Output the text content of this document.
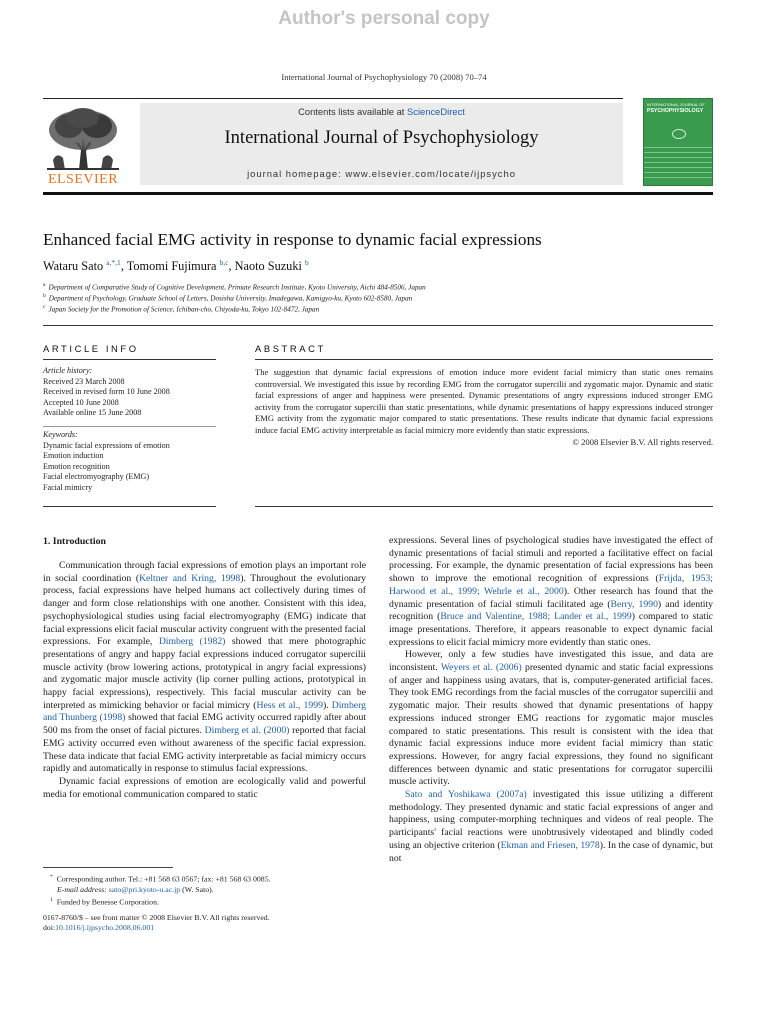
Author's personal copy
International Journal of Psychophysiology 70 (2008) 70–74
ELSEVIER
Contents lists available at ScienceDirect
International Journal of Psychophysiology
journal homepage: www.elsevier.com/locate/ijpsycho
INTERNATIONAL JOURNAL OF
PSYCHOPHYSIOLOGY
Enhanced facial EMG activity in response to dynamic facial expressions
Wataru Sato $^{a,*,1}$, Tomomi Fujimura $^{b,c}$, Naoto Suzuki $^b$
$^a$ Department of Comparative Study of Cognitive Development, Primate Research Institute, Kyoto University, Aichi 484-8506, Japan
$^b$ Department of Psychology, Graduate School of Letters, Dosisha University, Imadegawa, Kamigyo-ku, Kyoto 602-8580, Japan
$^c$ Japan Society for the Promotion of Science, Ichiban-cho, Chiyoda-ku, Tokyo 102-8472, Japan
ARTICLE INFO	ABSTRACT
Article history:
Received 23 March 2008
Received in revised form 10 June 2008
Accepted 10 June 2008
Available online 15 June 2008
Keywords:
Dynamic facial expressions of emotion
Emotion induction
Emotion recognition
Facial electromyography (EMG)
Facial mimicry
The suggestion that dynamic facial expressions of emotion induce more evident facial mimicry than static ones remains controversial. We investigated this issue by recording EMG from the corrugator supercilii and zygomatic major. Dynamic and static facial expressions of anger and happiness were presented. Dynamic presentations of angry expressions induced stronger EMG activity from the corrugator supercilii than static presentations, while dynamic presentations of happy expressions induced stronger EMG activity from the zygomatic major compared to static presentations. These results indicate that dynamic facial expressions induce facial EMG activity interpretable as facial mimicry more evidently than static expressions.
© 2008 Elsevier B.V. All rights reserved.
1. Introduction

Communication through facial expressions of emotion plays an important role in social coordination (Keltner and Kring, 1998). Throughout the evolutionary process, facial expressions have helped humans act collectively during times of danger and form close relationships with one another. Consistent with this idea, psychophysiological studies using facial electromyography (EMG) indicate that facial expressions elicit facial muscular activity congruent with the presented facial expressions. For example, Dimberg (1982) showed that mere photographic presentations of angry and happy facial expressions induced corrugator supercilii muscle activity (brow lowering actions, prototypical in angry facial expressions) and zygomatic major muscle activity (lip corner pulling actions, prototypical in happy facial expressions), respectively. This facial muscular activity can be interpreted as mimicking behavior or facial mimicry (Hess et al., 1999). Dimberg and Thunberg (1998) showed that facial EMG activity occurred rapidly after about 500 ms from the onset of facial pictures. Dimberg et al. (2000) reported that facial EMG activity occurred even without awareness of the specific facial expression. These data indicate that facial EMG activity interpretable as facial mimicry occurs rapidly and automatically in response to stimulus facial expressions.

Dynamic facial expressions of emotion are ecologically valid and powerful media for emotional communication compared to static

expressions. Several lines of psychological studies have investigated the effect of dynamic presentations of facial stimuli and reported a facilitative effect on facial processing. For example, the dynamic presentation of facial expressions has been shown to improve the emotional recognition of expressions (Frijda, 1953; Harwood et al., 1999; Wehrle et al., 2000). Other research has found that the dynamic presentation of facial stimuli facilitated age (Berry, 1990) and identity recognition (Bruce and Valentine, 1988; Lander et al., 1999) compared to static image presentations. Therefore, it appears reasonable to expect dynamic facial expressions to elicit facial mimicry more evidently than static ones.

However, only a few studies have investigated this issue, and data are inconsistent. Weyers et al. (2006) presented dynamic and static facial expressions of anger and happiness using avatars, that is, computer-generated artificial faces. They took EMG recordings from the facial muscles of the corrugator supercilii and zygomatic major. Their results showed that dynamic presentations of happy expressions induced stronger EMG reactions for zygomatic major muscles compared to static presentations. This result is consistent with the idea that dynamic facial expressions induce more evident facial mimicry than static expressions. However, for angry facial expressions, they found no significant differences between dynamic and static presentations for corrugator supercilii muscle activity.

Sato and Yoshikawa (2007a) investigated this issue utilizing a different methodology. They presented dynamic and static facial expressions of anger and happiness, using computer-morphing techniques and videos of real people. The participants' facial reactions were unobtrusively videotaped and blindly coded using an objective criterion (Ekman and Friesen, 1978). In the case of dynamic, but not

* Corresponding author. Tel.: +81 568 63 0567; fax: +81 568 63 0085.
E-mail address: sato@pri.kyoto-u.ac.jp (W. Sato).
$^1$ Funded by Benesse Corporation.
0167-8760/$ – see front matter © 2008 Elsevier B.V. All rights reserved.
doi:10.1016/j.ijpsycho.2008.06.001
